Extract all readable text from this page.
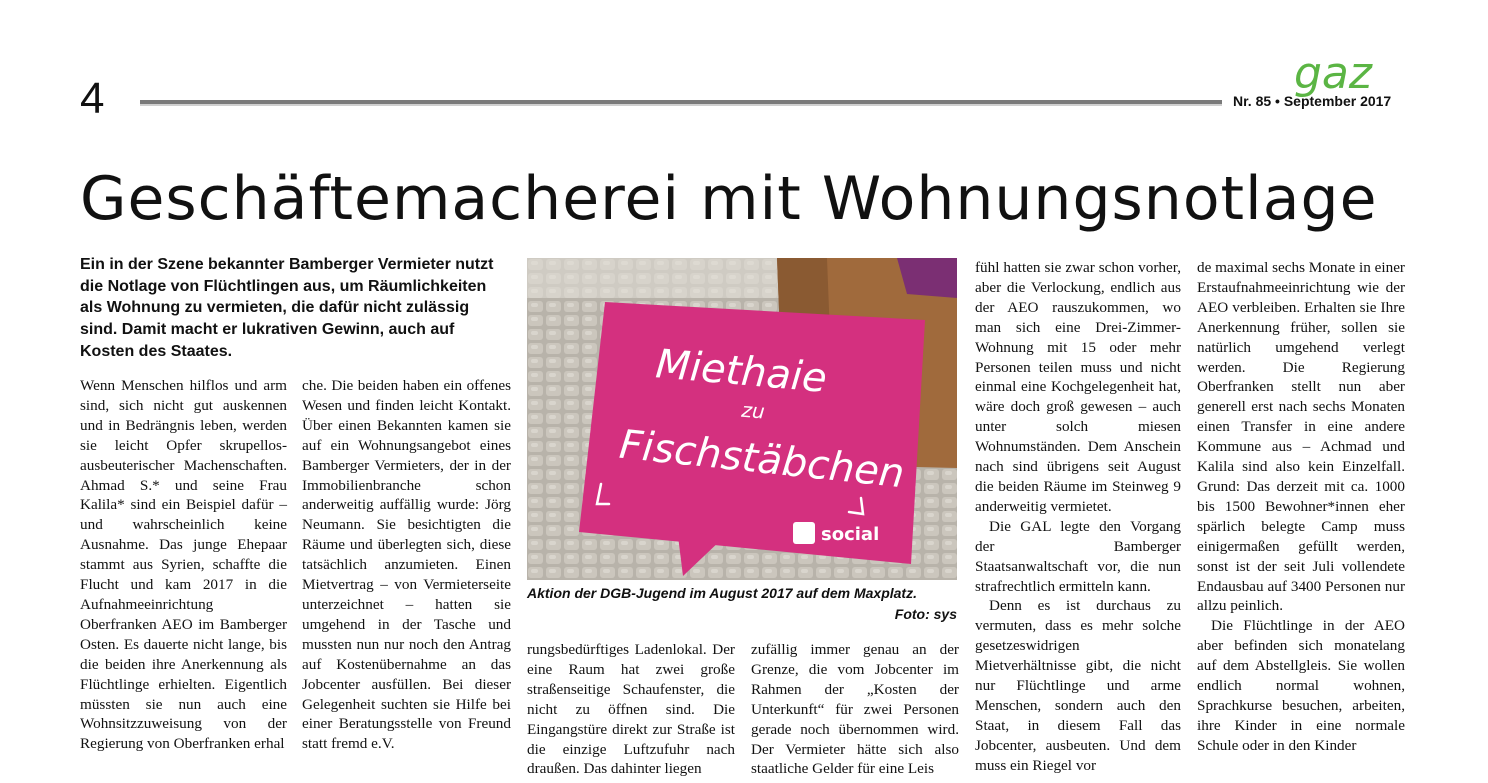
4	Nr. 85 • September 2017
gaz
Geschäftemacherei mit Wohnungsnotlage
Ein in der Szene bekannter Bamberger Vermieter nutzt die Notlage von Flüchtlingen aus, um Räumlichkeiten als Wohnung zu vermieten, die dafür nicht zulässig sind. Damit macht er lukrativen Gewinn, auch auf Kosten des Staates.

Wenn Menschen hilflos und arm sind, sich nicht gut auskennen und in Bedrängnis leben, werden sie leicht Opfer skrupellos-ausbeuterischer Machenschaften. Ahmad S.* und seine Frau Kalila* sind ein Beispiel dafür – und wahrscheinlich keine Ausnahme. Das junge Ehepaar stammt aus Syrien, schaffte die Flucht und kam 2017 in die Aufnahmeeinrichtung Oberfranken AEO im Bamberger Osten. Es dauerte nicht lange, bis die beiden ihre Anerkennung als Flüchtlinge erhielten. Eigentlich müssten sie nun auch eine Wohnsitzzuweisung von der Regierung von Oberfranken erhal

che. Die beiden haben ein offenes Wesen und finden leicht Kontakt. Über einen Bekannten kamen sie auf ein Wohnungsangebot eines Bamberger Vermieters, der in der Immobilienbranche schon anderweitig auffällig wurde: Jörg Neumann. Sie besichtigten die Räume und überlegten sich, diese tatsächlich anzumieten. Einen Mietvertrag – von Vermieterseite unterzeichnet – hatten sie umgehend in der Tasche und mussten nun nur noch den Antrag auf Kostenübernahme an das Jobcenter ausfüllen. Bei dieser Gelegenheit suchten sie Hilfe bei einer Beratungsstelle von Freund statt fremd e.V.

rungsbedürftiges Ladenlokal. Der eine Raum hat zwei große straßenseitige Schaufenster, die nicht zu öffnen sind. Die Eingangstüre direkt zur Straße ist die einzige Luftzufuhr nach draußen. Das dahinter liegen

zufällig immer genau an der Grenze, die vom Jobcenter im Rahmen der „Kosten der Unterkunft“ für zwei Personen gerade noch übernommen wird. Der Vermieter hätte sich also staatliche Gelder für eine Leis

fühl hatten sie zwar schon vorher, aber die Verlockung, endlich aus der AEO rauszukommen, wo man sich eine Drei-Zimmer-Wohnung mit 15 oder mehr Personen teilen muss und nicht einmal eine Kochgelegenheit hat, wäre doch groß gewesen – auch unter solch miesen Wohnumständen. Dem Anschein nach sind übrigens seit August die beiden Räume im Steinweg 9 anderweitig vermietet.

Die GAL legte den Vorgang der Bamberger Staatsanwaltschaft vor, die nun strafrechtlich ermitteln kann.

Denn es ist durchaus zu vermuten, dass es mehr solche gesetzeswidrigen Mietverhältnisse gibt, die nicht nur Flüchtlinge und arme Menschen, sondern auch den Staat, in diesem Fall das Jobcenter, ausbeuten. Und dem muss ein Riegel vor

de maximal sechs Monate in einer Erstaufnahmeeinrichtung wie der AEO verbleiben. Erhalten sie Ihre Anerkennung früher, sollen sie natürlich umgehend verlegt werden. Die Regierung Oberfranken stellt nun aber generell erst nach sechs Monaten einen Transfer in eine andere Kommune aus – Achmad und Kalila sind also kein Einzelfall. Grund: Das derzeit mit ca. 1000 bis 1500 Bewohner*innen eher spärlich belegte Camp muss einigermaßen gefüllt werden, sonst ist der seit Juli vollendete Endausbau auf 3400 Personen nur allzu peinlich.

Die Flüchtlinge in der AEO aber befinden sich monatelang auf dem Abstellgleis. Sie wollen endlich normal wohnen, Sprachkurse besuchen, arbeiten, ihre Kinder in eine normale Schule oder in den Kinder

Miethaie
zu
Fischstäbchen
social
Aktion der DGB-Jugend im August 2017 auf dem Maxplatz.
Foto: sys
